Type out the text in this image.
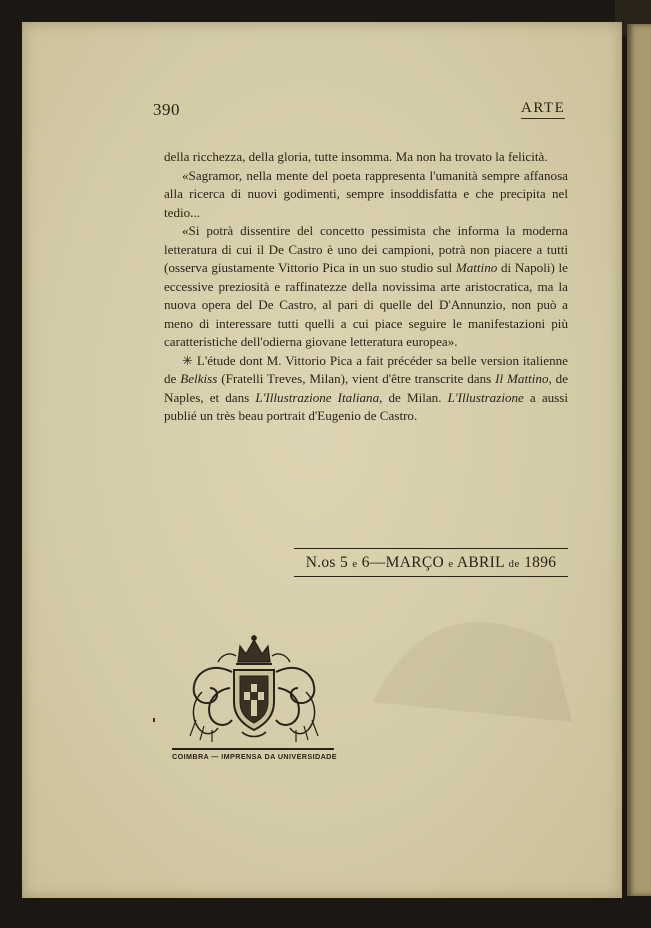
390	ARTE

della ricchezza, della gloria, tutte insomma. Ma non ha trovato la felicità.

«Sagramor, nella mente del poeta rappresenta l'umanità sempre affanosa alla ricerca di nuovi godimenti, sempre insoddisfatta e che precipita nel tedio...

«Si potrà dissentire del concetto pessimista che informa la moderna letteratura di cui il De Castro è uno dei campioni, potrà non piacere a tutti (osserva giustamente Vittorio Pica in un suo studio sul Mattino di Napoli) le eccessive preziosità e raffinatezze della novissima arte aristocratica, ma la nuova opera del De Castro, al pari di quelle del D'Annunzio, non può a meno di interessare tutti quelli a cui piace seguire le manifestazioni più caratteristiche dell'odierna giovane letteratura europea».

✳ L'étude dont M. Vittorio Pica a fait précéder sa belle version italienne de Belkiss (Fratelli Treves, Milan), vient d'être transcrite dans Il Mattino, de Naples, et dans L'Illustrazione Italiana, de Milan. L'Illustrazione a aussi publié un très beau portrait d'Eugenio de Castro.

N.os 5 e 6—MARÇO e ABRIL de 1896
COIMBRA — IMPRENSA DA UNIVERSIDADE
